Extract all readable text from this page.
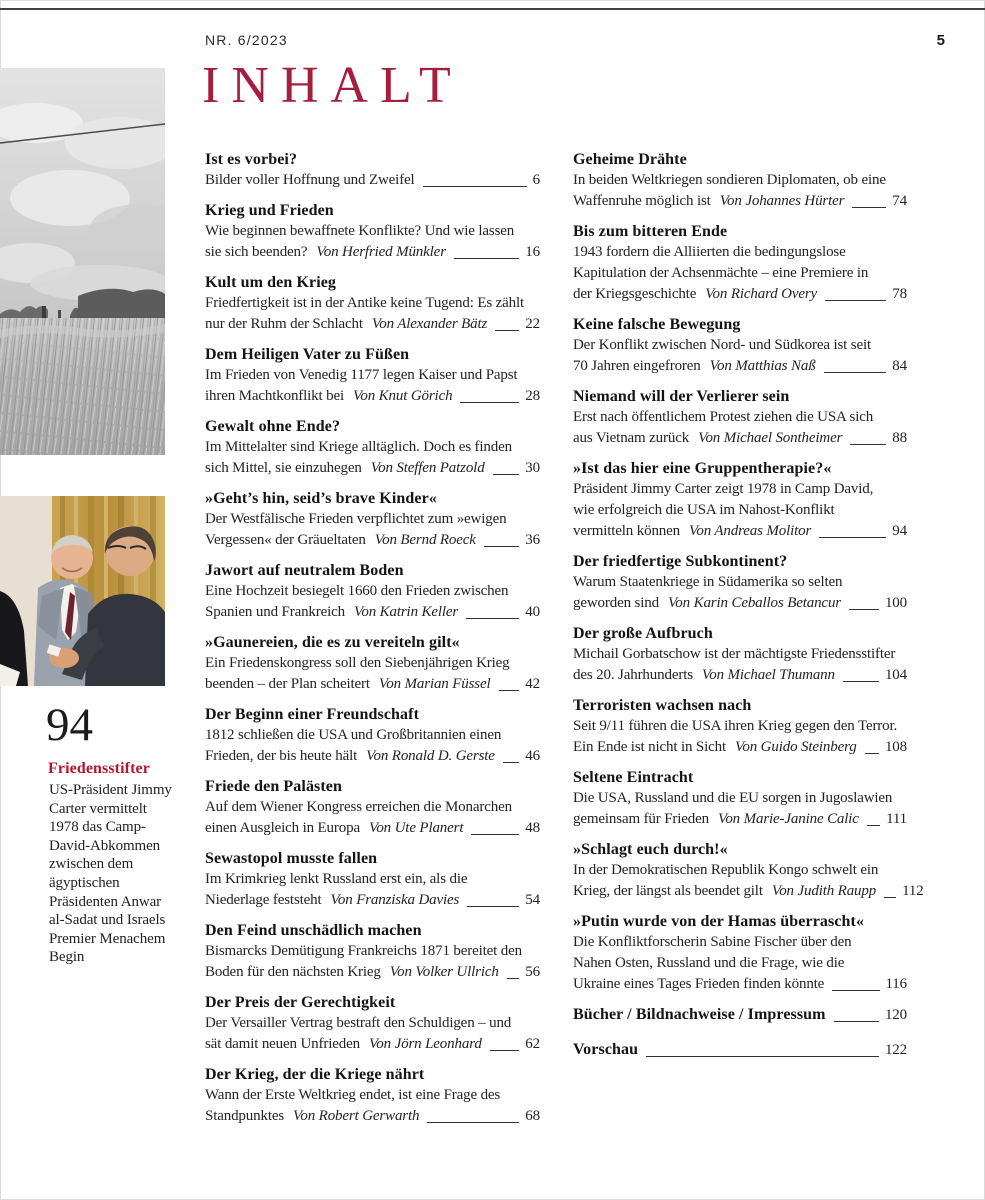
NR. 6/2023	5
INHALT
94
Friedensstifter
US-Präsident Jimmy Carter vermittelt 1978 das Camp-David-Abkommen zwischen dem ägyptischen Präsidenten Anwar al-Sadat und Israels Premier Menachem Begin
Ist es vorbei?
Bilder voller Hoffnung und Zweifel	6
Krieg und Frieden
Wie beginnen bewaffnete Konflikte? Und wie lassen
sie sich beenden? Von Herfried Münkler	16
Kult um den Krieg
Friedfertigkeit ist in der Antike keine Tugend: Es zählt
nur der Ruhm der Schlacht Von Alexander Bätz	22
Dem Heiligen Vater zu Füßen
Im Frieden von Venedig 1177 legen Kaiser und Papst
ihren Machtkonflikt bei Von Knut Görich	28
Gewalt ohne Ende?
Im Mittelalter sind Kriege alltäglich. Doch es finden
sich Mittel, sie einzuhegen Von Steffen Patzold	30
»Geht’s hin, seid’s brave Kinder«
Der Westfälische Frieden verpflichtet zum »ewigen
Vergessen« der Gräueltaten Von Bernd Roeck	36
Jawort auf neutralem Boden
Eine Hochzeit besiegelt 1660 den Frieden zwischen
Spanien und Frankreich Von Katrin Keller	40
»Gaunereien, die es zu vereiteln gilt«
Ein Friedenskongress soll den Siebenjährigen Krieg
beenden – der Plan scheitert Von Marian Füssel 42
Der Beginn einer Freundschaft
1812 schließen die USA und Großbritannien einen
Frieden, der bis heute hält Von Ronald D. Gerste 46
Friede den Palästen
Auf dem Wiener Kongress erreichen die Monarchen
einen Ausgleich in Europa Von Ute Planert	48
Sewastopol musste fallen
Im Krimkrieg lenkt Russland erst ein, als die
Niederlage feststeht Von Franziska Davies	54
Den Feind unschädlich machen
Bismarcks Demütigung Frankreichs 1871 bereitet den
Boden für den nächsten Krieg Von Volker Ullrich 56
Der Preis der Gerechtigkeit
Der Versailler Vertrag bestraft den Schuldigen – und
sät damit neuen Unfrieden Von Jörn Leonhard	62
Der Krieg, der die Kriege nährt
Wann der Erste Weltkrieg endet, ist eine Frage des
Standpunktes Von Robert Gerwarth	68
Geheime Drähte
In beiden Weltkriegen sondieren Diplomaten, ob eine
Waffenruhe möglich ist Von Johannes Hürter	74
Bis zum bitteren Ende
1943 fordern die Alliierten die bedingungslose
Kapitulation der Achsenmächte – eine Premiere in
der Kriegsgeschichte Von Richard Overy	78
Keine falsche Bewegung
Der Konflikt zwischen Nord- und Südkorea ist seit
70 Jahren eingefroren Von Matthias Naß	84
Niemand will der Verlierer sein
Erst nach öffentlichem Protest ziehen die USA sich
aus Vietnam zurück Von Michael Sontheimer	88
»Ist das hier eine Gruppentherapie?«
Präsident Jimmy Carter zeigt 1978 in Camp David,
wie erfolgreich die USA im Nahost-Konflikt
vermitteln können Von Andreas Molitor	94
Der friedfertige Subkontinent?
Warum Staatenkriege in Südamerika so selten
geworden sind Von Karin Ceballos Betancur	100
Der große Aufbruch
Michail Gorbatschow ist der mächtigste Friedensstifter
des 20. Jahrhunderts Von Michael Thumann	104
Terroristen wachsen nach
Seit 9/11 führen die USA ihren Krieg gegen den Terror.
Ein Ende ist nicht in Sicht Von Guido Steinberg 108
Seltene Eintracht
Die USA, Russland und die EU sorgen in Jugoslawien
gemeinsam für Frieden Von Marie-Janine Calic 111
»Schlagt euch durch!«
In der Demokratischen Republik Kongo schwelt ein
Krieg, der längst als beendet gilt Von Judith Raupp 112
»Putin wurde von der Hamas überrascht«
Die Konfliktforscherin Sabine Fischer über den
Nahen Osten, Russland und die Frage, wie die
Ukraine eines Tages Frieden finden könnte	116
Bücher / Bildnachweise / Impressum	120
Vorschau	122
